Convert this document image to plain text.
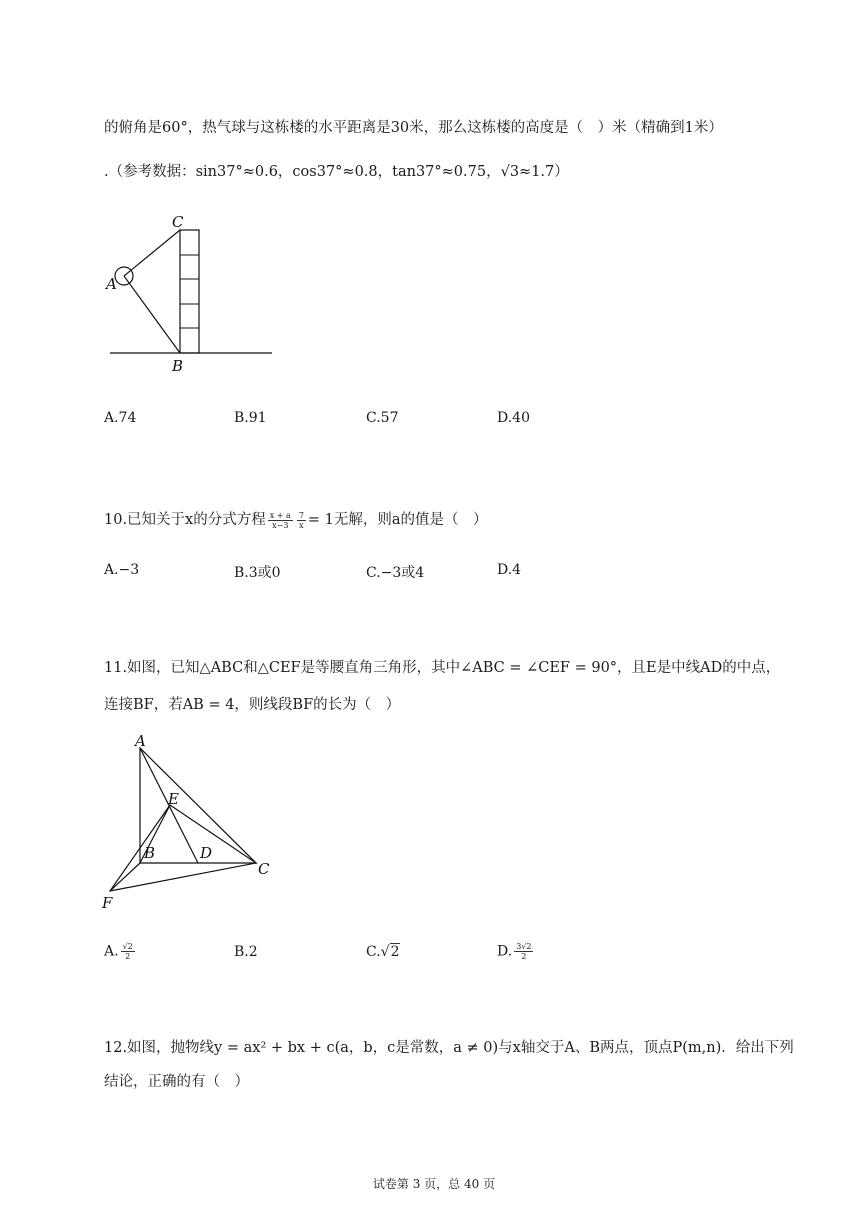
的俯角是60°，热气球与这栋楼的水平距离是30米，那么这栋楼的高度是（　）米（精确到1米）
.（参考数据：sin37°≈0.6，cos37°≈0.8，tan37°≈0.75，√3≈1.7）
C
A
B
A.74	B.91	C.57	D.40
10.已知关于x的分式方程 $\frac{x + a}{x-3} \frac{7}{x} = 1$无解，则a的值是（　）
A.−3	B.3或0	C.−3或4	D.4
11.如图，已知△ABC和△CEF是等腰直角三角形，其中∠ABC = ∠CEF = 90°，且E是中线AD的中点，
连接BF，若AB = 4，则线段BF的长为（　）
A
E
B	D
C
F
A. $\frac{√2}{2}$	B.2	C.√2	D. $\frac{3√2}{2}$
12.如图，抛物线y = ax² + bx + c(a，b，c是常数，a ≠ 0)与x轴交于A、B两点，顶点P(m,n)．给出下列
结论，正确的有（　）
试卷第 3 页，总 40 页
